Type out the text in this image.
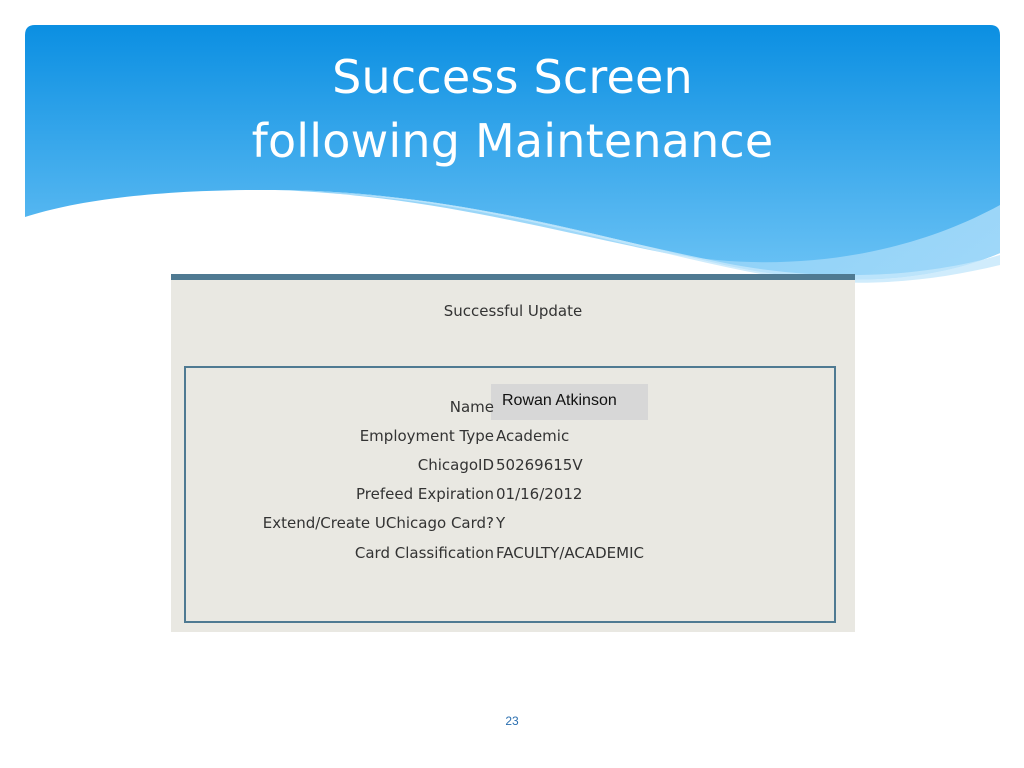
Success Screen
following Maintenance
Successful Update
Rowan Atkinson
Name
Employment Type Academic
ChicagoID 50269615V
Prefeed Expiration 01/16/2012
Extend/Create UChicago Card? Y
Card Classification FACULTY/ACADEMIC
23
